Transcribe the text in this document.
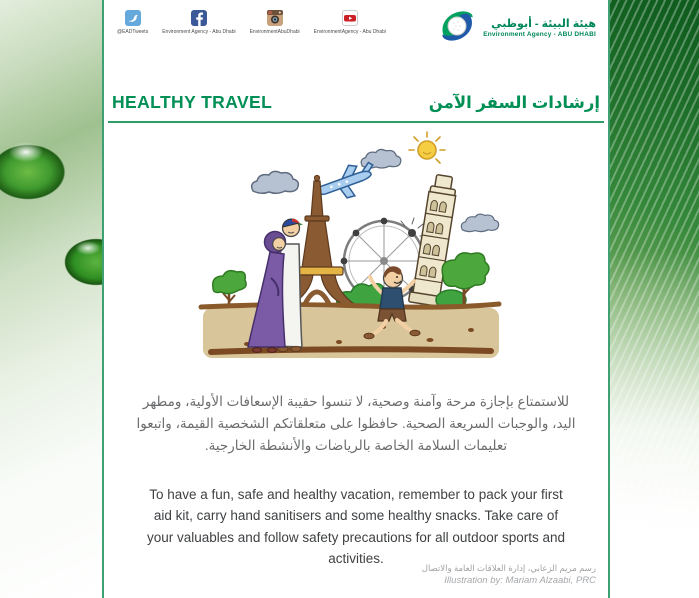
@EADTweets	Environment Agency - Abu Dhabi	EnvironmentAbuDhabi	EnvironmentAgency - Abu Dhabi
هيئة البيئة - أبوظبي
Environment Agency - ABU DHABI
HEALTHY TRAVEL	إرشادات السفر الآمن

للاستمتاع بإجازة مرحة وآمنة وصحية، لا تنسوا حقيبة الإسعافات الأولية، ومطهر اليد، والوجبات السريعة الصحية. حافظوا على متعلقاتكم الشخصية القيمة، واتبعوا تعليمات السلامة الخاصة بالرياضات والأنشطة الخارجية.

To have a fun, safe and healthy vacation, remember to pack your first aid kit, carry hand sanitisers and some healthy snacks. Take care of your valuables and follow safety precautions for all outdoor sports and activities.

رسم مريم الزعابي، إدارة العلاقات العامة والاتصال
Illustration by: Mariam Alzaabi, PRC
